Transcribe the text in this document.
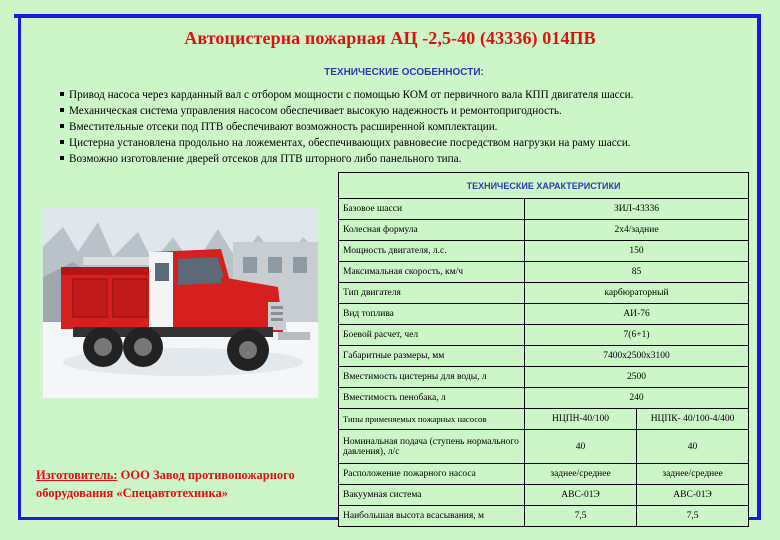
Автоцистерна пожарная АЦ -2,5-40 (43336) 014ПВ
ТЕХНИЧЕСКИЕ ОСОБЕННОСТИ:
Привод насоса через карданный вал с отбором мощности с помощью КОМ от первичного вала КПП двигателя шасси.
Механическая система управления насосом обеспечивает высокую надежность и ремонтопригодность.
Вместительные отсеки под ПТВ обеспечивают возможность расширенной комплектации.
Цистерна установлена продольно на ложементах, обеспечивающих равновесие посредством нагрузки на раму шасси.
Возможно изготовление дверей отсеков для ПТВ шторного либо панельного типа.
Изготовитель: ООО Завод противопожарного оборудования «Спецавтотехника»
ТЕХНИЧЕСКИЕ ХАРАКТЕРИСТИКИ		
Базовое шасси	ЗИЛ-43336	
Колесная формула	2х4/задние	
Мощность двигателя, л.с.	150	
Максимальная скорость, км/ч	85	
Тип двигателя	карбюраторный	
Вид топлива	АИ-76	
Боевой расчет, чел	7(6+1)	
Габаритные размеры, мм	7400х2500х3100	
Вместимость цистерны для воды, л	2500	
Вместимость пенобака, л	240	
Типы применяемых пожарных насосов	НЦПН-40/100	НЦПК- 40/100-4/400
Номинальная подача (ступень нормального давления), л/с	40	40
Расположение пожарного насоса	заднее/среднее	заднее/среднее
Вакуумная система	АВС-01Э	АВС-01Э
Наибольшая высота всасывания, м	7,5	7,5
